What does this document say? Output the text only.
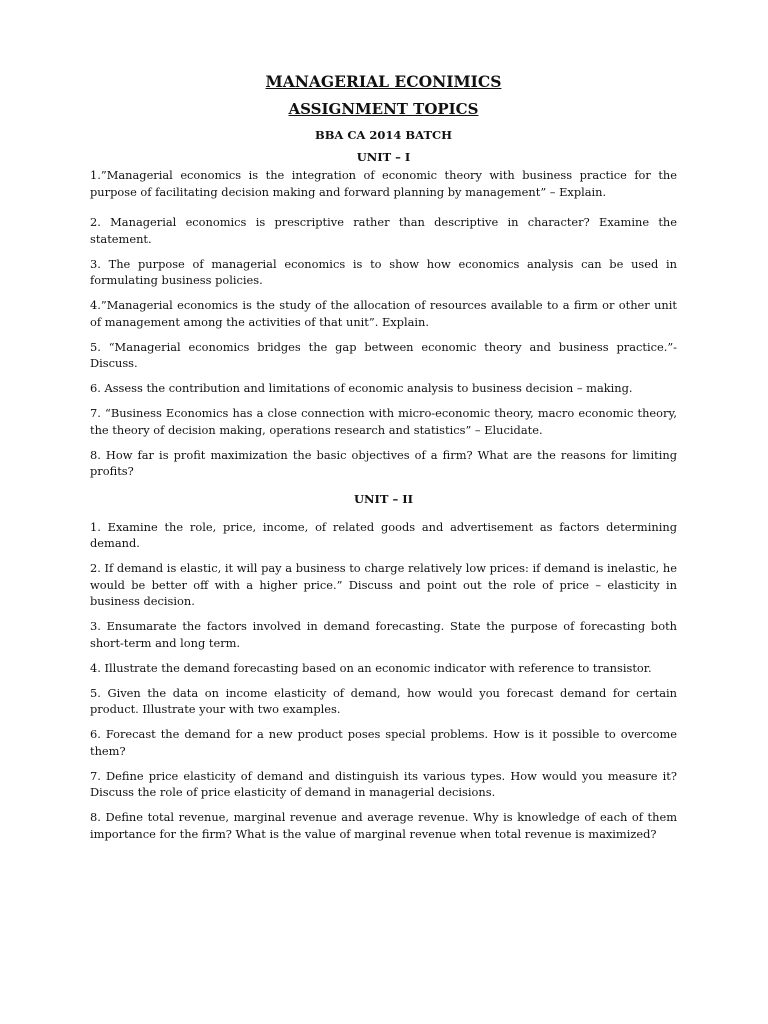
MANAGERIAL ECONIMICS
ASSIGNMENT TOPICS
BBA CA 2014 BATCH
UNIT – I

1.”Managerial economics is the integration of economic theory with business practice for the purpose of facilitating decision making and forward planning by management” – Explain.

2. Managerial economics is prescriptive rather than descriptive in character? Examine the statement.

3. The purpose of managerial economics is to show how economics analysis can be used in formulating business policies.

4.”Managerial economics is the study of the allocation of resources available to a firm or other unit of management among the activities of that unit”. Explain.

5. “Managerial economics bridges the gap between economic theory and business practice.”- Discuss.

6. Assess the contribution and limitations of economic analysis to business decision – making.

7. “Business Economics has a close connection with micro-economic theory, macro economic theory, the theory of decision making, operations research and statistics” – Elucidate.

8. How far is profit maximization the basic objectives of a firm? What are the reasons for limiting profits?

UNIT – II

1. Examine the role, price, income, of related goods and advertisement as factors determining demand.

2. If demand is elastic, it will pay a business to charge relatively low prices: if demand is inelastic, he would be better off with a higher price.” Discuss and point out the role of price – elasticity in business decision.

3. Ensumarate the factors involved in demand forecasting. State the purpose of forecasting both short-term and long term.

4. Illustrate the demand forecasting based on an economic indicator with reference to transistor.

5. Given the data on income elasticity of demand, how would you forecast demand for certain product. Illustrate your with two examples.

6. Forecast the demand for a new product poses special problems. How is it possible to overcome them?

7. Define price elasticity of demand and distinguish its various types. How would you measure it? Discuss the role of price elasticity of demand in managerial decisions.

8. Define total revenue, marginal revenue and average revenue. Why is knowledge of each of them importance for the firm? What is the value of marginal revenue when total revenue is maximized?
